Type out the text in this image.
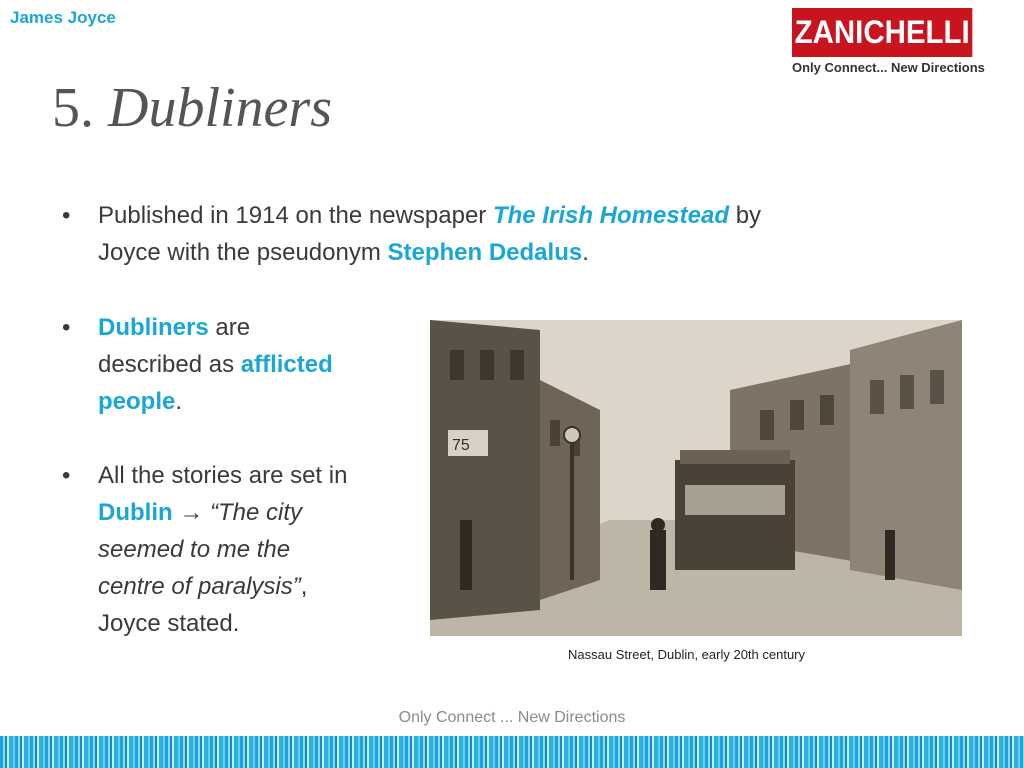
James Joyce	ZANICHELLI
Only Connect... New Directions
5. Dubliners
• Published in 1914 on the newspaper The Irish Homestead by
Joyce with the pseudonym Stephen Dedalus.
• Dubliners are
described as afflicted
people.
• All the stories are set in
Dublin → “The city
seemed to me the
centre of paralysis”,
Joyce stated.
75
Nassau Street, Dublin, early 20th century
Only Connect ... New Directions
